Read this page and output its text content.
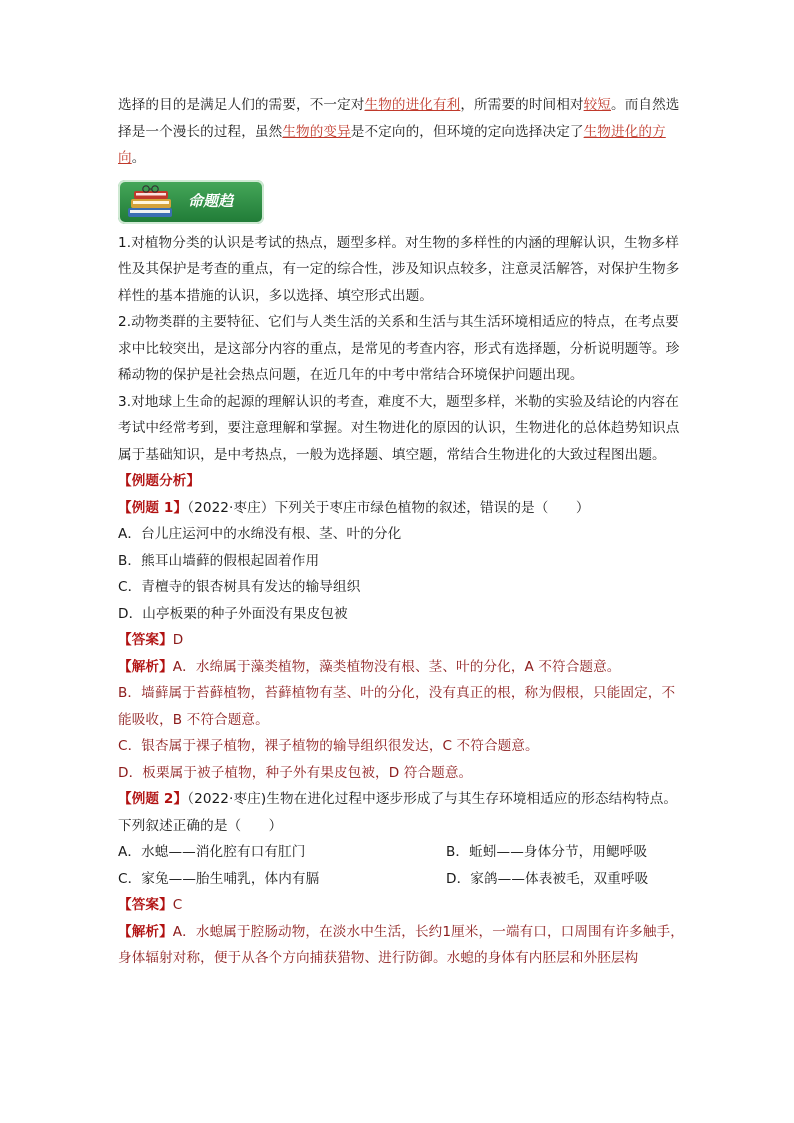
选择的目的是满足人们的需要，不一定对生物的进化有利，所需要的时间相对较短。而自然选择是一个漫长的过程，虽然生物的变异是不定向的，但环境的定向选择决定了生物进化的方向。

命题趋

1.对植物分类的认识是考试的热点，题型多样。对生物的多样性的内涵的理解认识，生物多样性及其保护是考查的重点，有一定的综合性，涉及知识点较多，注意灵活解答，对保护生物多样性的基本措施的认识，多以选择、填空形式出题。

2.动物类群的主要特征、它们与人类生活的关系和生活与其生活环境相适应的特点，在考点要求中比较突出，是这部分内容的重点，是常见的考查内容，形式有选择题，分析说明题等。珍稀动物的保护是社会热点问题，在近几年的中考中常结合环境保护问题出现。

3.对地球上生命的起源的理解认识的考查，难度不大，题型多样，米勒的实验及结论的内容在考试中经常考到，要注意理解和掌握。对生物进化的原因的认识，生物进化的总体趋势知识点属于基础知识，是中考热点，一般为选择题、填空题，常结合生物进化的大致过程图出题。

【例题分析】

【例题 1】（2022·枣庄）下列关于枣庄市绿色植物的叙述，错误的是（　　）

A．台儿庄运河中的水绵没有根、茎、叶的分化

B．熊耳山墙藓的假根起固着作用

C．青檀寺的银杏树具有发达的输导组织

D．山亭板栗的种子外面没有果皮包被

【答案】D

【解析】A．水绵属于藻类植物，藻类植物没有根、茎、叶的分化，A 不符合题意。

B．墙藓属于苔藓植物，苔藓植物有茎、叶的分化，没有真正的根，称为假根，只能固定，不能吸收，B 不符合题意。

C．银杏属于裸子植物，裸子植物的输导组织很发达，C 不符合题意。

D．板栗属于被子植物，种子外有果皮包被，D 符合题意。

【例题 2】（2022·枣庄)生物在进化过程中逐步形成了与其生存环境相适应的形态结构特点。下列叙述正确的是（　　）

A．水螅——消化腔有口有肛门	B．蚯蚓——身体分节，用鳃呼吸

C．家兔——胎生哺乳，体内有膈	D．家鸽——体表被毛，双重呼吸

【答案】C

【解析】A．水螅属于腔肠动物，在淡水中生活，长约1厘米，一端有口，口周围有许多触手，身体辐射对称，便于从各个方向捕获猎物、进行防御。水螅的身体有内胚层和外胚层构
